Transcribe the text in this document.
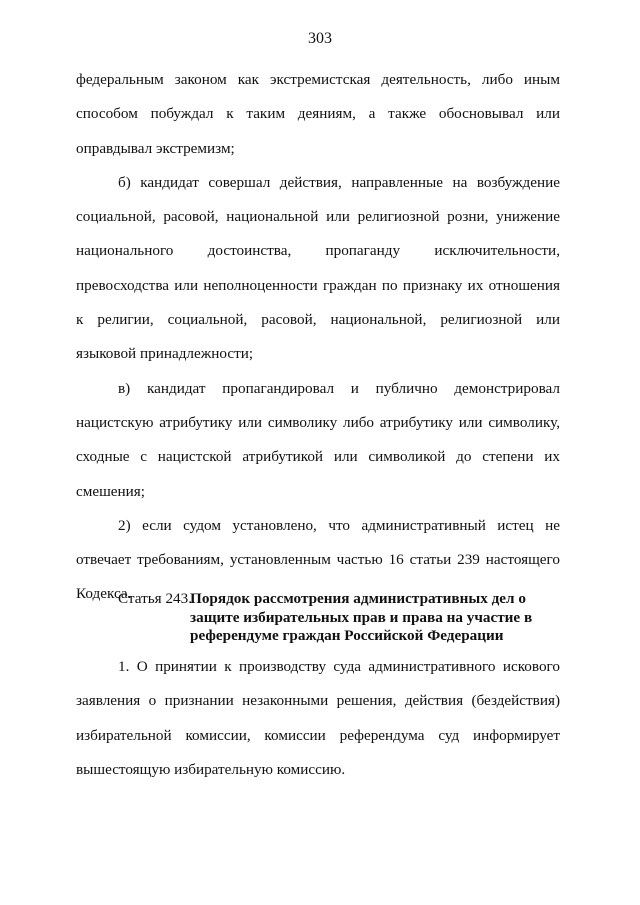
303

федеральным законом как экстремистская деятельность, либо иным способом побуждал к таким деяниям, а также обосновывал или оправдывал экстремизм;

б) кандидат совершал действия, направленные на возбуждение социальной, расовой, национальной или религиозной розни, унижение национального достоинства, пропаганду исключительности, превосходства или неполноценности граждан по признаку их отношения к религии, социальной, расовой, национальной, религиозной или языковой принадлежности;

в) кандидат пропагандировал и публично демонстрировал нацистскую атрибутику или символику либо атрибутику или символику, сходные с нацистской атрибутикой или символикой до степени их смешения;

2) если судом установлено, что административный истец не отвечает требованиям, установленным частью 16 статьи 239 настоящего Кодекса.

Статья 243.
Порядок рассмотрения административных дел о
защите избирательных прав и права на участие в
референдуме граждан Российской Федерации

1. О принятии к производству суда административного искового заявления о признании незаконными решения, действия (бездействия) избирательной комиссии, комиссии референдума суд информирует вышестоящую избирательную комиссию.
